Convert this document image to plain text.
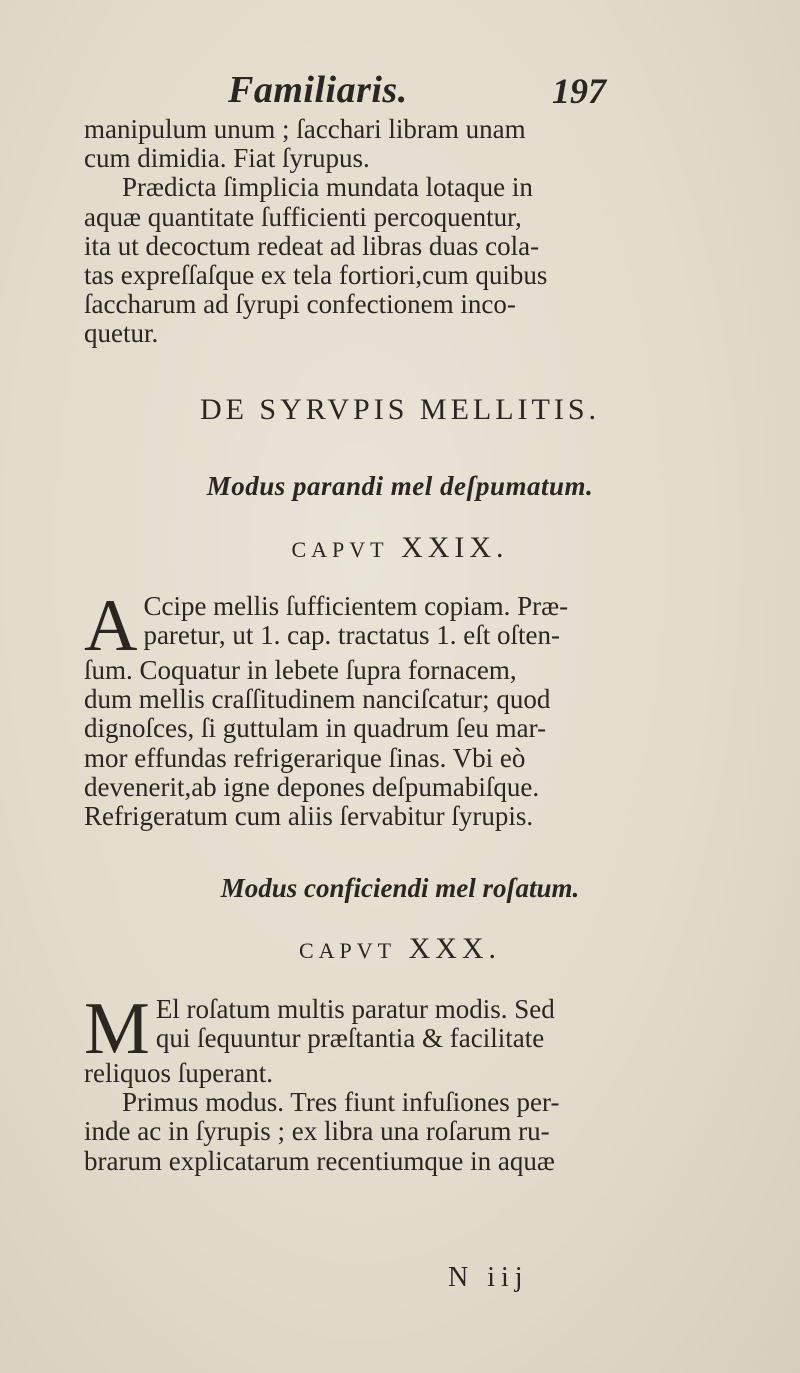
Familiaris.	197
manipulum unum ; ſacchari libram unam
cum dimidia. Fiat ſyrupus.
Prædicta ſimplicia mundata lotaque in
aquæ quantitate ſufficienti percoquentur,
ita ut decoctum redeat ad libras duas cola-
tas expreſſaſque ex tela fortiori,cum quibus
ſaccharum ad ſyrupi confectionem inco-
quetur.
DE SYRVPIS MELLITIS.
Modus parandi mel deſpumatum.
CAPVT XXIX.
A Ccipe mellis ſufficientem copiam. Præ-
paretur, ut 1. cap. tractatus 1. eſt oſten-
ſum. Coquatur in lebete ſupra fornacem,
dum mellis craſſitudinem nanciſcatur; quod
dignoſces, ſi guttulam in quadrum ſeu mar-
mor effundas refrigerarique ſinas. Vbi eò
devenerit,ab igne depones deſpumabiſque.
Refrigeratum cum aliis ſervabitur ſyrupis.
Modus conficiendi mel roſatum.
CAPVT XXX.
M El roſatum multis paratur modis. Sed
qui ſequuntur præſtantia & facilitate
reliquos ſuperant.
Primus modus. Tres fiunt infuſiones per-
inde ac in ſyrupis ; ex libra una roſarum ru-
brarum explicatarum recentiumque in aquæ
N iij
